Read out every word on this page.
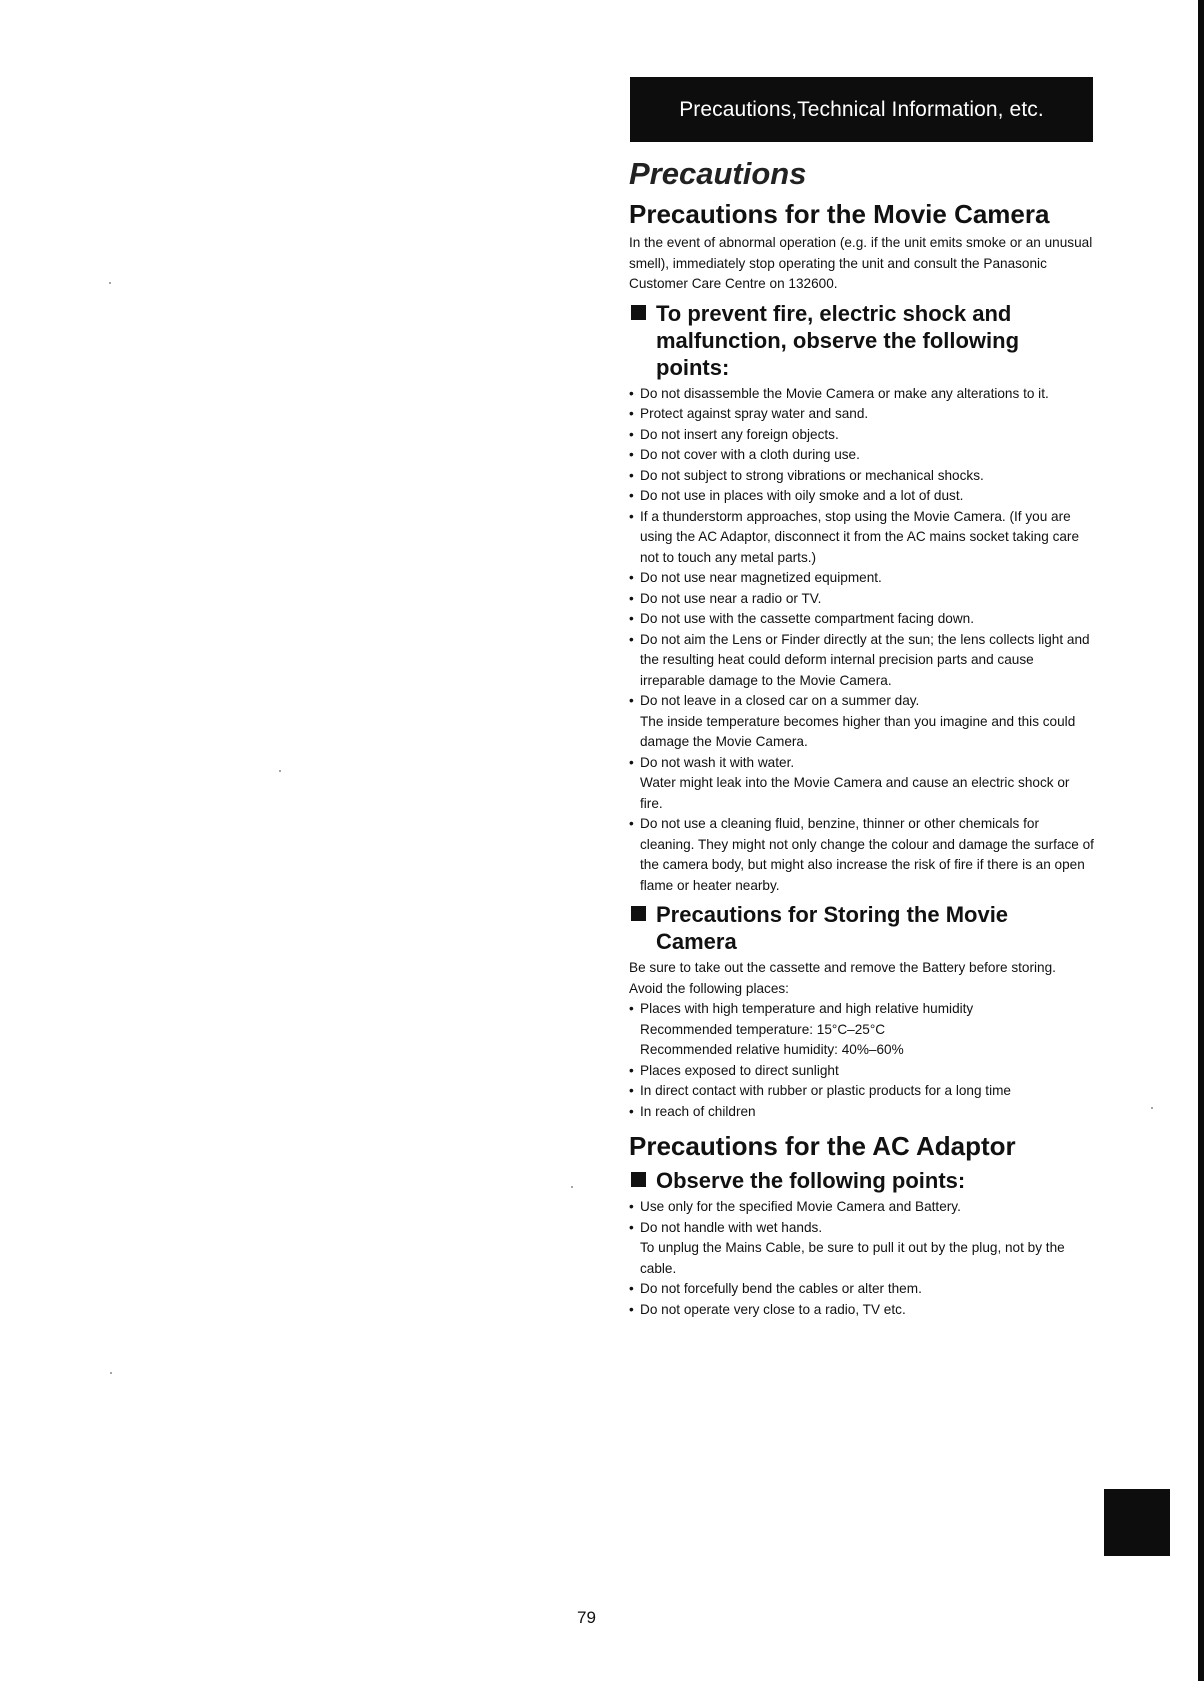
Precautions,Technical Information, etc.
Precautions
Precautions for the Movie Camera

In the event of abnormal operation (e.g. if the unit emits smoke or an unusual smell), immediately stop operating the unit and consult the Panasonic Customer Care Centre on 132600.

To prevent fire, electric shock and malfunction, observe the following points:
• Do not disassemble the Movie Camera or make any alterations to it.
• Protect against spray water and sand.
• Do not insert any foreign objects.
• Do not cover with a cloth during use.
• Do not subject to strong vibrations or mechanical shocks.
• Do not use in places with oily smoke and a lot of dust.
• If a thunderstorm approaches, stop using the Movie Camera. (If you are using the AC Adaptor, disconnect it from the AC mains socket taking care not to touch any metal parts.)
• Do not use near magnetized equipment.
• Do not use near a radio or TV.
• Do not use with the cassette compartment facing down.
• Do not aim the Lens or Finder directly at the sun; the lens collects light and the resulting heat could deform internal precision parts and cause irreparable damage to the Movie Camera.
• Do not leave in a closed car on a summer day.
The inside temperature becomes higher than you imagine and this could damage the Movie Camera.
• Do not wash it with water.
Water might leak into the Movie Camera and cause an electric shock or fire.
• Do not use a cleaning fluid, benzine, thinner or other chemicals for cleaning. They might not only change the colour and damage the surface of the camera body, but might also increase the risk of fire if there is an open flame or heater nearby.
Precautions for Storing the Movie Camera

Be sure to take out the cassette and remove the Battery before storing.

Avoid the following places:

• Places with high temperature and high relative humidity
Recommended temperature: 15°C–25°C
Recommended relative humidity: 40%–60%
• Places exposed to direct sunlight
• In direct contact with rubber or plastic products for a long time
• In reach of children
Precautions for the AC Adaptor
Observe the following points:
• Use only for the specified Movie Camera and Battery.
• Do not handle with wet hands.
To unplug the Mains Cable, be sure to pull it out by the plug, not by the cable.
• Do not forcefully bend the cables or alter them.
• Do not operate very close to a radio, TV etc.
79
